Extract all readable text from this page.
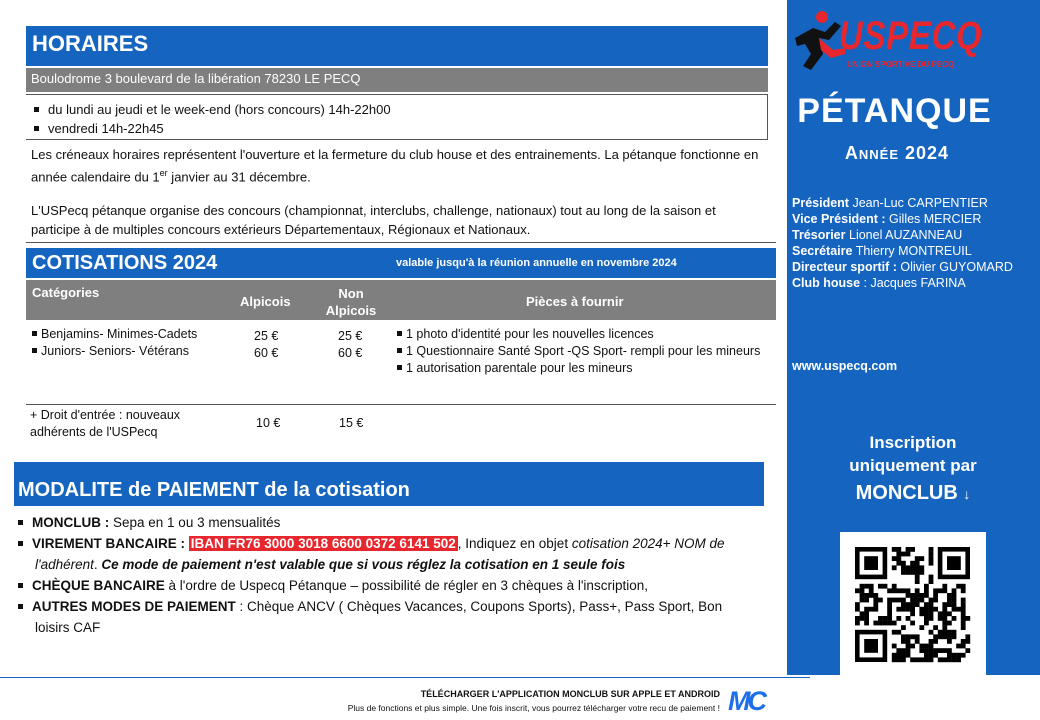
HORAIRES
Boulodrome 3 boulevard de la libération 78230 LE PECQ
du lundi au jeudi et le week-end (hors concours) 14h-22h00
vendredi 14h-22h45
Les créneaux horaires représentent l'ouverture et la fermeture du club house et des entrainements. La pétanque fonctionne en année calendaire du 1er janvier au 31 décembre.
L'USPecq pétanque organise des concours (championnat, interclubs, challenge, nationaux) tout au long de la saison et participe à de multiples concours extérieurs Départementaux, Régionaux et Nationaux.
COTISATIONS 2024	valable jusqu'à la réunion annuelle en novembre 2024
Catégories
Alpicois
Non
Alpicois
Pièces à fournir
Benjamins- Minimes-Cadets
Juniors- Seniors- Vétérans
25 €
60 €
25 €
60 €
1 photo d'identité pour les nouvelles licences
1 Questionnaire Santé Sport -QS Sport- rempli pour les mineurs
1 autorisation parentale pour les mineurs
+ Droit d'entrée : nouveaux
adhérents de l'USPecq
10 €	15 €
MODALITE de PAIEMENT de la cotisation
MONCLUB : Sepa en 1 ou 3 mensualités
VIREMENT BANCAIRE : IBAN FR76 3000 3018 6600 0372 6141 502 , Indiquez en objet cotisation 2024+ NOM de l'adhérent. Ce mode de paiement n'est valable que si vous réglez la cotisation en 1 seule fois
CHÈQUE BANCAIRE à l'ordre de Uspecq Pétanque – possibilité de régler en 3 chèques à l'inscription,
AUTRES MODES DE PAIEMENT : Chèque ANCV ( Chèques Vacances, Coupons Sports), Pass+, Pass Sport, Bon loisirs CAF
TÉLÉCHARGER L'APPLICATION MONCLUB SUR APPLE ET ANDROID
Plus de fonctions et plus simple. Une fois inscrit, vous pourrez télécharger votre recu de paiement ! MC
USPECQ
UNION SPORTIVE DU PECQ
PÉTANQUE
Année 2024
Président Jean-Luc CARPENTIER
Vice Président : Gilles MERCIER
Trésorier Lionel AUZANNEAU
Secrétaire Thierry MONTREUIL
Directeur sportif : Olivier GUYOMARD
Club house : Jacques FARINA
www.uspecq.com
Inscription
uniquement par
MONCLUB ↓
